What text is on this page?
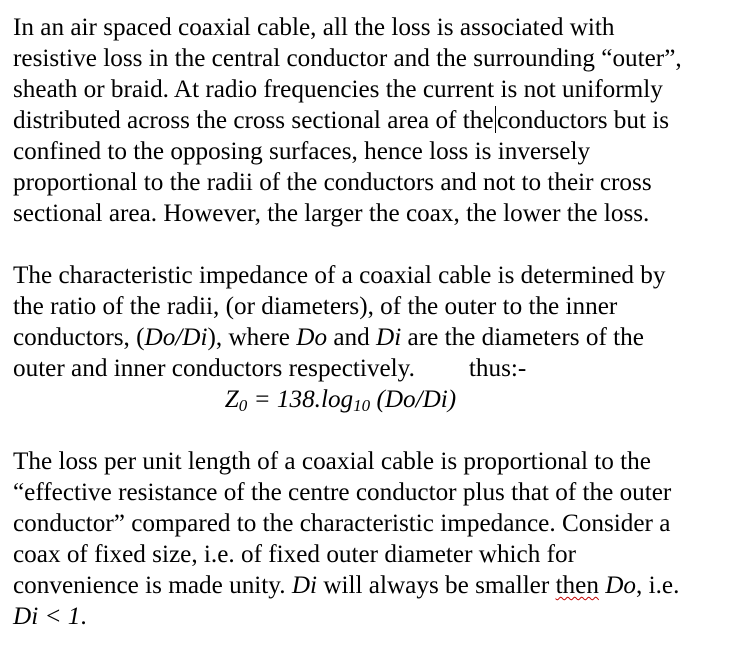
In an air spaced coaxial cable, all the loss is associated with
resistive loss in the central conductor and the surrounding “outer”,
sheath or braid. At radio frequencies the current is not uniformly
distributed across the cross sectional area of the conductors but is
confined to the opposing surfaces, hence loss is inversely
proportional to the radii of the conductors and not to their cross
sectional area. However, the larger the coax, the lower the loss.
The characteristic impedance of a coaxial cable is determined by
the ratio of the radii, (or diameters), of the outer to the inner
conductors, (Do/Di), where Do and Di are the diameters of the
outer and inner conductors respectively. thus:-
$Z_0 = 138.\log_{10}$ (Do/Di)
The loss per unit length of a coaxial cable is proportional to the
“effective resistance of the centre conductor plus that of the outer
conductor” compared to the characteristic impedance. Consider a
coax of fixed size, i.e. of fixed outer diameter which for
convenience is made unity. Di will always be smaller then Do, i.e.
Di < 1.
